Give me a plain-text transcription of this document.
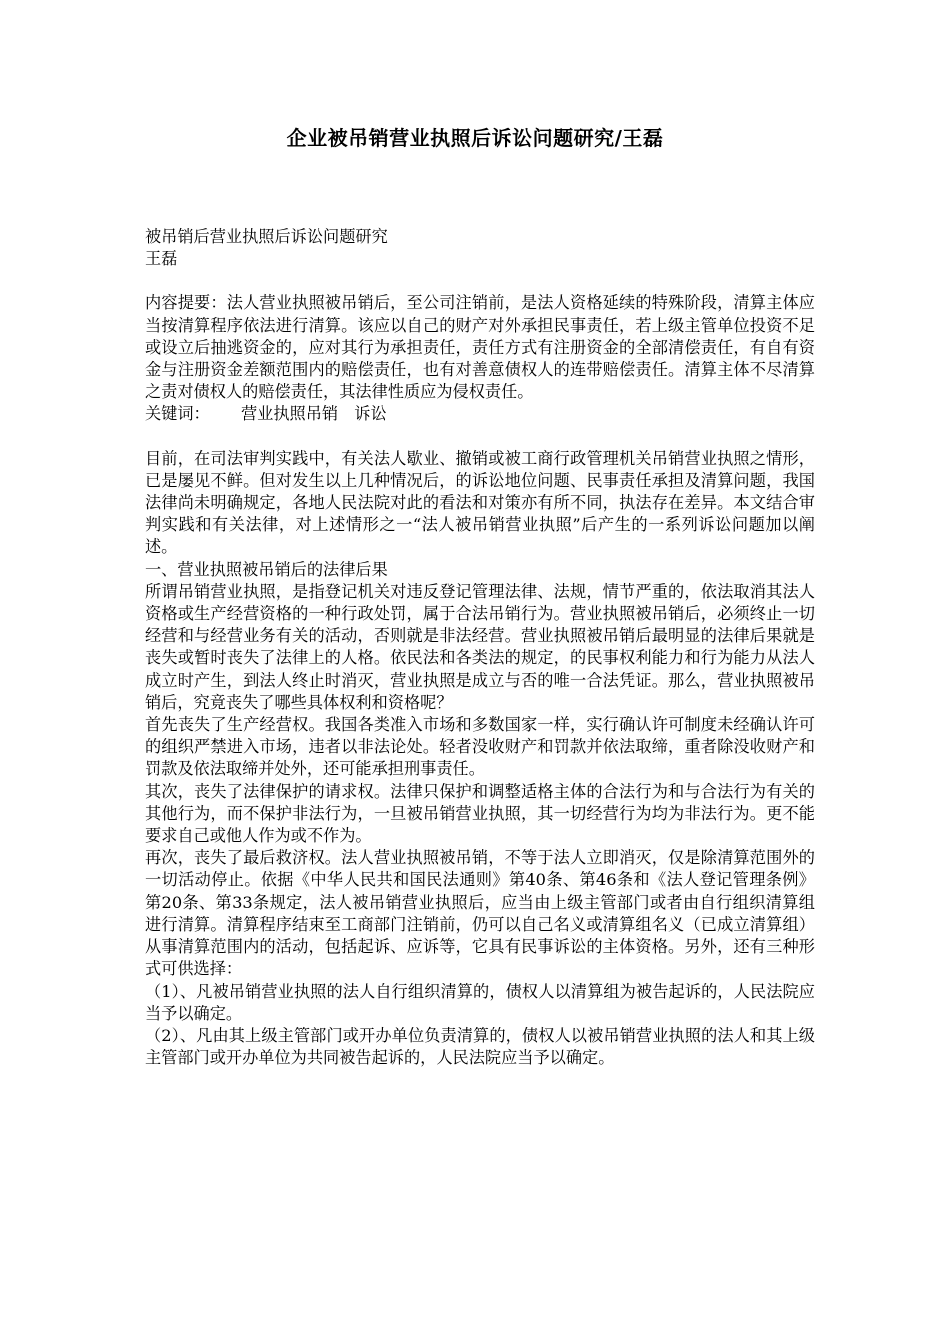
企业被吊销营业执照后诉讼问题研究/王磊

被吊销后营业执照后诉讼问题研究

王磊

内容提要：法人营业执照被吊销后，至公司注销前，是法人资格延续的特殊阶段，清算主体应当按清算程序依法进行清算。该应以自己的财产对外承担民事责任，若上级主管单位投资不足或设立后抽逃资金的，应对其行为承担责任，责任方式有注册资金的全部清偿责任，有自有资金与注册资金差额范围内的赔偿责任，也有对善意债权人的连带赔偿责任。清算主体不尽清算之责对债权人的赔偿责任，其法律性质应为侵权责任。

关键词： 营业执照吊销　诉讼

目前，在司法审判实践中，有关法人歇业、撤销或被工商行政管理机关吊销营业执照之情形，已是屡见不鲜。但对发生以上几种情况后，的诉讼地位问题、民事责任承担及清算问题，我国法律尚未明确规定，各地人民法院对此的看法和对策亦有所不同，执法存在差异。本文结合审判实践和有关法律，对上述情形之一“法人被吊销营业执照”后产生的一系列诉讼问题加以阐述。

一、营业执照被吊销后的法律后果

所谓吊销营业执照，是指登记机关对违反登记管理法律、法规，情节严重的，依法取消其法人资格或生产经营资格的一种行政处罚，属于合法吊销行为。营业执照被吊销后，必须终止一切经营和与经营业务有关的活动，否则就是非法经营。营业执照被吊销后最明显的法律后果就是丧失或暂时丧失了法律上的人格。依民法和各类法的规定，的民事权利能力和行为能力从法人成立时产生，到法人终止时消灭，营业执照是成立与否的唯一合法凭证。那么，营业执照被吊销后，究竟丧失了哪些具体权利和资格呢？

首先丧失了生产经营权。我国各类准入市场和多数国家一样，实行确认许可制度未经确认许可的组织严禁进入市场，违者以非法论处。轻者没收财产和罚款并依法取缔，重者除没收财产和罚款及依法取缔并处外，还可能承担刑事责任。

其次，丧失了法律保护的请求权。法律只保护和调整适格主体的合法行为和与合法行为有关的其他行为，而不保护非法行为，一旦被吊销营业执照，其一切经营行为均为非法行为。更不能要求自己或他人作为或不作为。

再次，丧失了最后救济权。法人营业执照被吊销，不等于法人立即消灭，仅是除清算范围外的一切活动停止。依据《中华人民共和国民法通则》第40条、第46条和《法人登记管理条例》第20条、第33条规定，法人被吊销营业执照后，应当由上级主管部门或者由自行组织清算组进行清算。清算程序结束至工商部门注销前，仍可以自己名义或清算组名义（已成立清算组）从事清算范围内的活动，包括起诉、应诉等，它具有民事诉讼的主体资格。另外，还有三种形式可供选择：

（1）、凡被吊销营业执照的法人自行组织清算的，债权人以清算组为被告起诉的，人民法院应当予以确定。

（2）、凡由其上级主管部门或开办单位负责清算的，债权人以被吊销营业执照的法人和其上级主管部门或开办单位为共同被告起诉的，人民法院应当予以确定。
